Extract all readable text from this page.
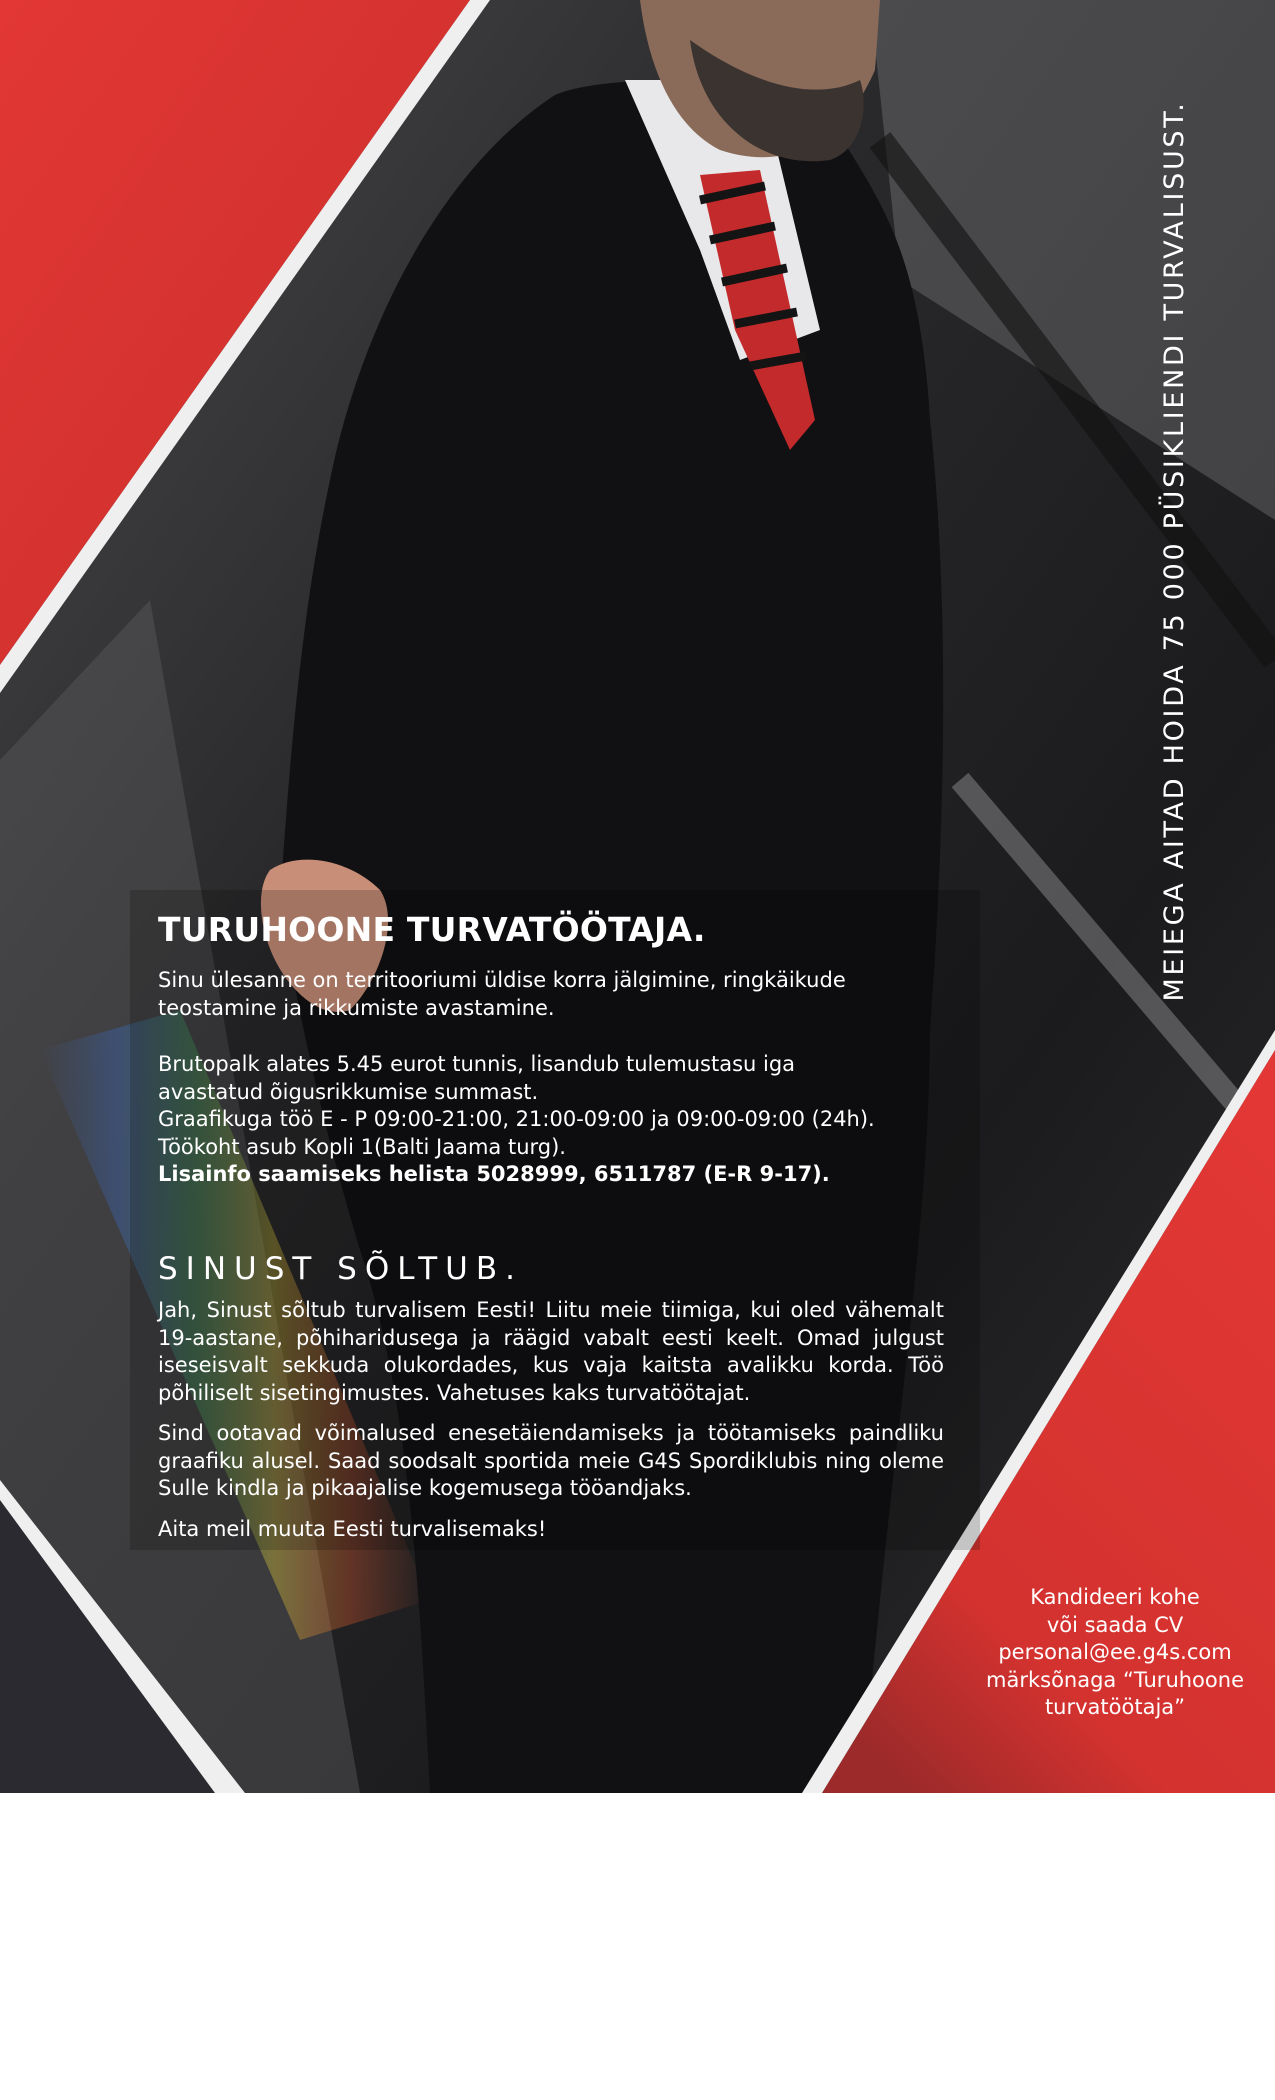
TURUHOONE TURVATÖÖTAJA.

Sinu ülesanne on territooriumi üldise korra jälgimine, ringkäikude teostamine ja rikkumiste avastamine.

Brutopalk alates 5.45 eurot tunnis, lisandub tulemustasu iga

avastatud õigusrikkumise summast.

Graafikuga töö E - P 09:00-21:00, 21:00-09:00 ja 09:00-09:00 (24h).

Töökoht asub Kopli 1(Balti Jaama turg).

Lisainfo saamiseks helista 5028999, 6511787 (E-R 9-17).

SINUST SÕLTUB.

Jah, Sinust sõltub turvalisem Eesti! Liitu meie tiimiga, kui oled vähemalt 19-aastane, põhiharidusega ja räägid vabalt eesti keelt. Omad julgust iseseisvalt sekkuda olukordades, kus vaja kaitsta avalikku korda. Töö põhiliselt sisetingimustes. Vahetuses kaks turvatöötajat.

Sind ootavad võimalused enesetäiendamiseks ja töötamiseks paindliku graafiku alusel. Saad soodsalt sportida meie G4S Spordiklubis ning oleme Sulle kindla ja pikaajalise kogemusega tööandjaks.

Aita meil muuta Eesti turvalisemaks!

MEIEGA AITAD HOIDA 75 000 PÜSIKLIENDI TURVALISUST.
Kandideeri kohe
või saada CV
personal@ee.g4s.com
märksõnaga “Turuhoone
turvatöötaja”
